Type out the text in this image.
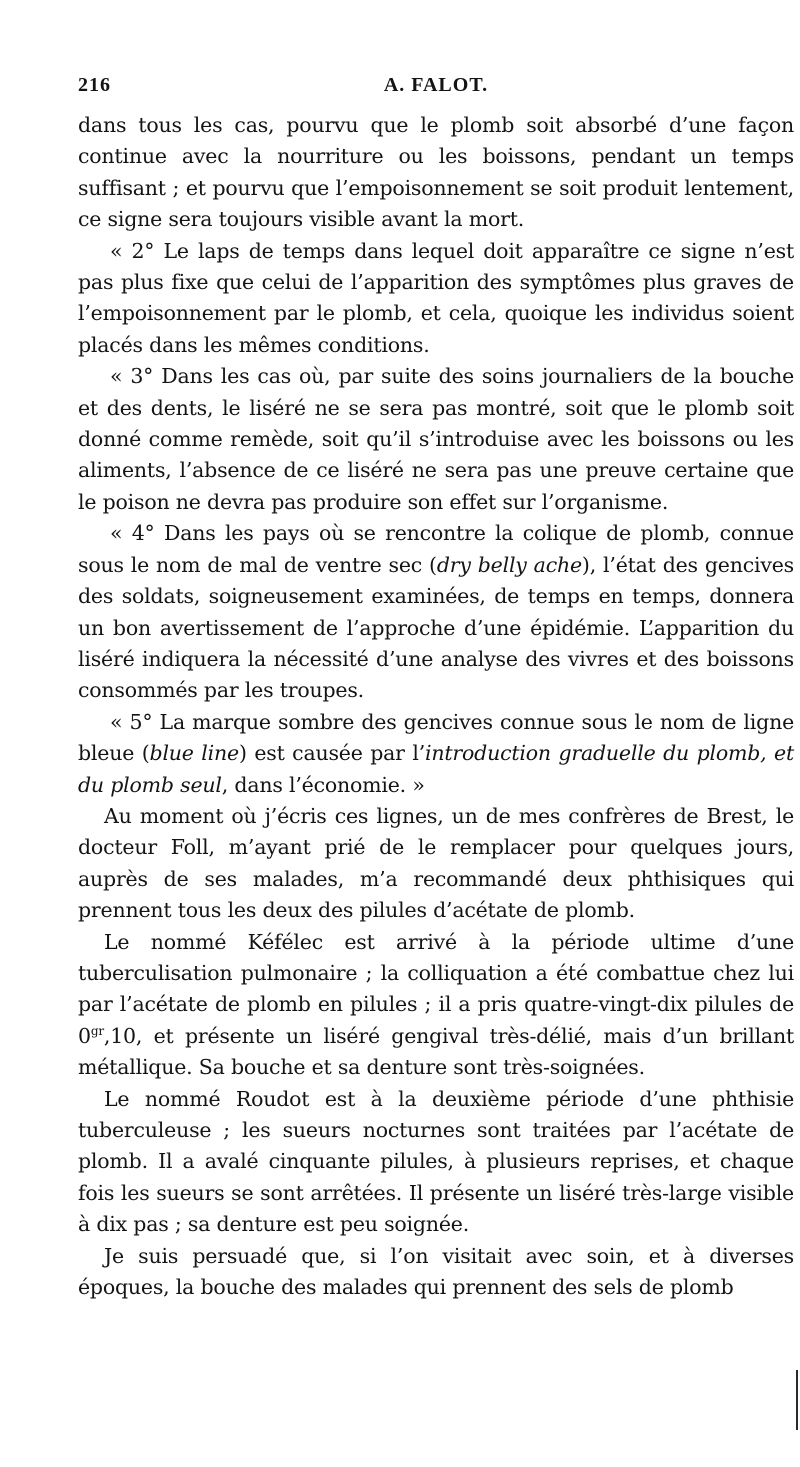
216	A. FALOT.

dans tous les cas, pourvu que le plomb soit absorbé d’une façon continue avec la nourriture ou les boissons, pendant un temps suffisant ; et pourvu que l’empoisonnement se soit produit lentement, ce signe sera toujours visible avant la mort.

« 2° Le laps de temps dans lequel doit apparaître ce signe n’est pas plus fixe que celui de l’apparition des symptômes plus graves de l’empoisonnement par le plomb, et cela, quoique les individus soient placés dans les mêmes conditions.

« 3° Dans les cas où, par suite des soins journaliers de la bouche et des dents, le liséré ne se sera pas montré, soit que le plomb soit donné comme remède, soit qu’il s’introduise avec les boissons ou les aliments, l’absence de ce liséré ne sera pas une preuve certaine que le poison ne devra pas produire son effet sur l’organisme.

« 4° Dans les pays où se rencontre la colique de plomb, connue sous le nom de mal de ventre sec (dry belly ache), l’état des gencives des soldats, soigneusement examinées, de temps en temps, donnera un bon avertissement de l’approche d’une épidémie. L’apparition du liséré indiquera la nécessité d’une analyse des vivres et des boissons consommés par les troupes.

« 5° La marque sombre des gencives connue sous le nom de ligne bleue (blue line) est causée par l’introduction graduelle du plomb, et du plomb seul, dans l’économie. »

Au moment où j’écris ces lignes, un de mes confrères de Brest, le docteur Foll, m’ayant prié de le remplacer pour quelques jours, auprès de ses malades, m’a recommandé deux phthisiques qui prennent tous les deux des pilules d’acétate de plomb.

Le nommé Kéfélec est arrivé à la période ultime d’une tuberculisation pulmonaire ; la colliquation a été combattue chez lui par l’acétate de plomb en pilules ; il a pris quatre-vingt-dix pilules de $0^{gr},10$, et présente un liséré gengival très-délié, mais d’un brillant métallique. Sa bouche et sa denture sont très-soignées.

Le nommé Roudot est à la deuxième période d’une phthisie tuberculeuse ; les sueurs nocturnes sont traitées par l’acétate de plomb. Il a avalé cinquante pilules, à plusieurs reprises, et chaque fois les sueurs se sont arrêtées. Il présente un liséré très-large visible à dix pas ; sa denture est peu soignée.

Je suis persuadé que, si l’on visitait avec soin, et à diverses époques, la bouche des malades qui prennent des sels de plomb
